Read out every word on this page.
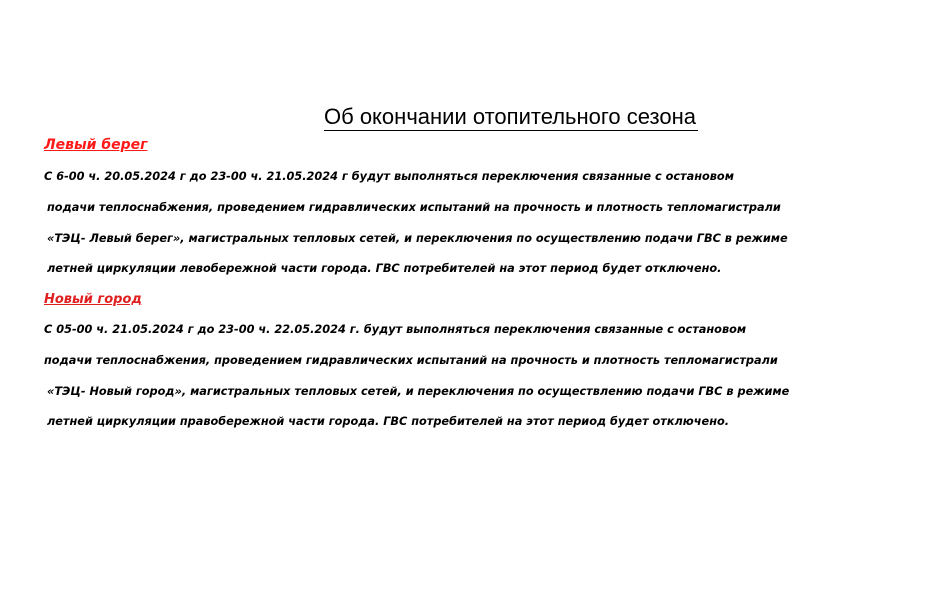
Об окончании отопительного сезона
Левый берег
С 6-00 ч. 20.05.2024 г до 23-00 ч. 21.05.2024 г будут выполняться переключения связанные с остановом
подачи теплоснабжения, проведением гидравлических испытаний на прочность и плотность тепломагистрали
«ТЭЦ- Левый берег», магистральных тепловых сетей, и переключения по осуществлению подачи ГВС в режиме
летней циркуляции левобережной части города. ГВС потребителей на этот период будет отключено.
Новый город
С 05-00 ч. 21.05.2024 г до 23-00 ч. 22.05.2024 г. будут выполняться переключения связанные с остановом
подачи теплоснабжения, проведением гидравлических испытаний на прочность и плотность тепломагистрали
«ТЭЦ- Новый город», магистральных тепловых сетей, и переключения по осуществлению подачи ГВС в режиме
летней циркуляции правобережной части города. ГВС потребителей на этот период будет отключено.
